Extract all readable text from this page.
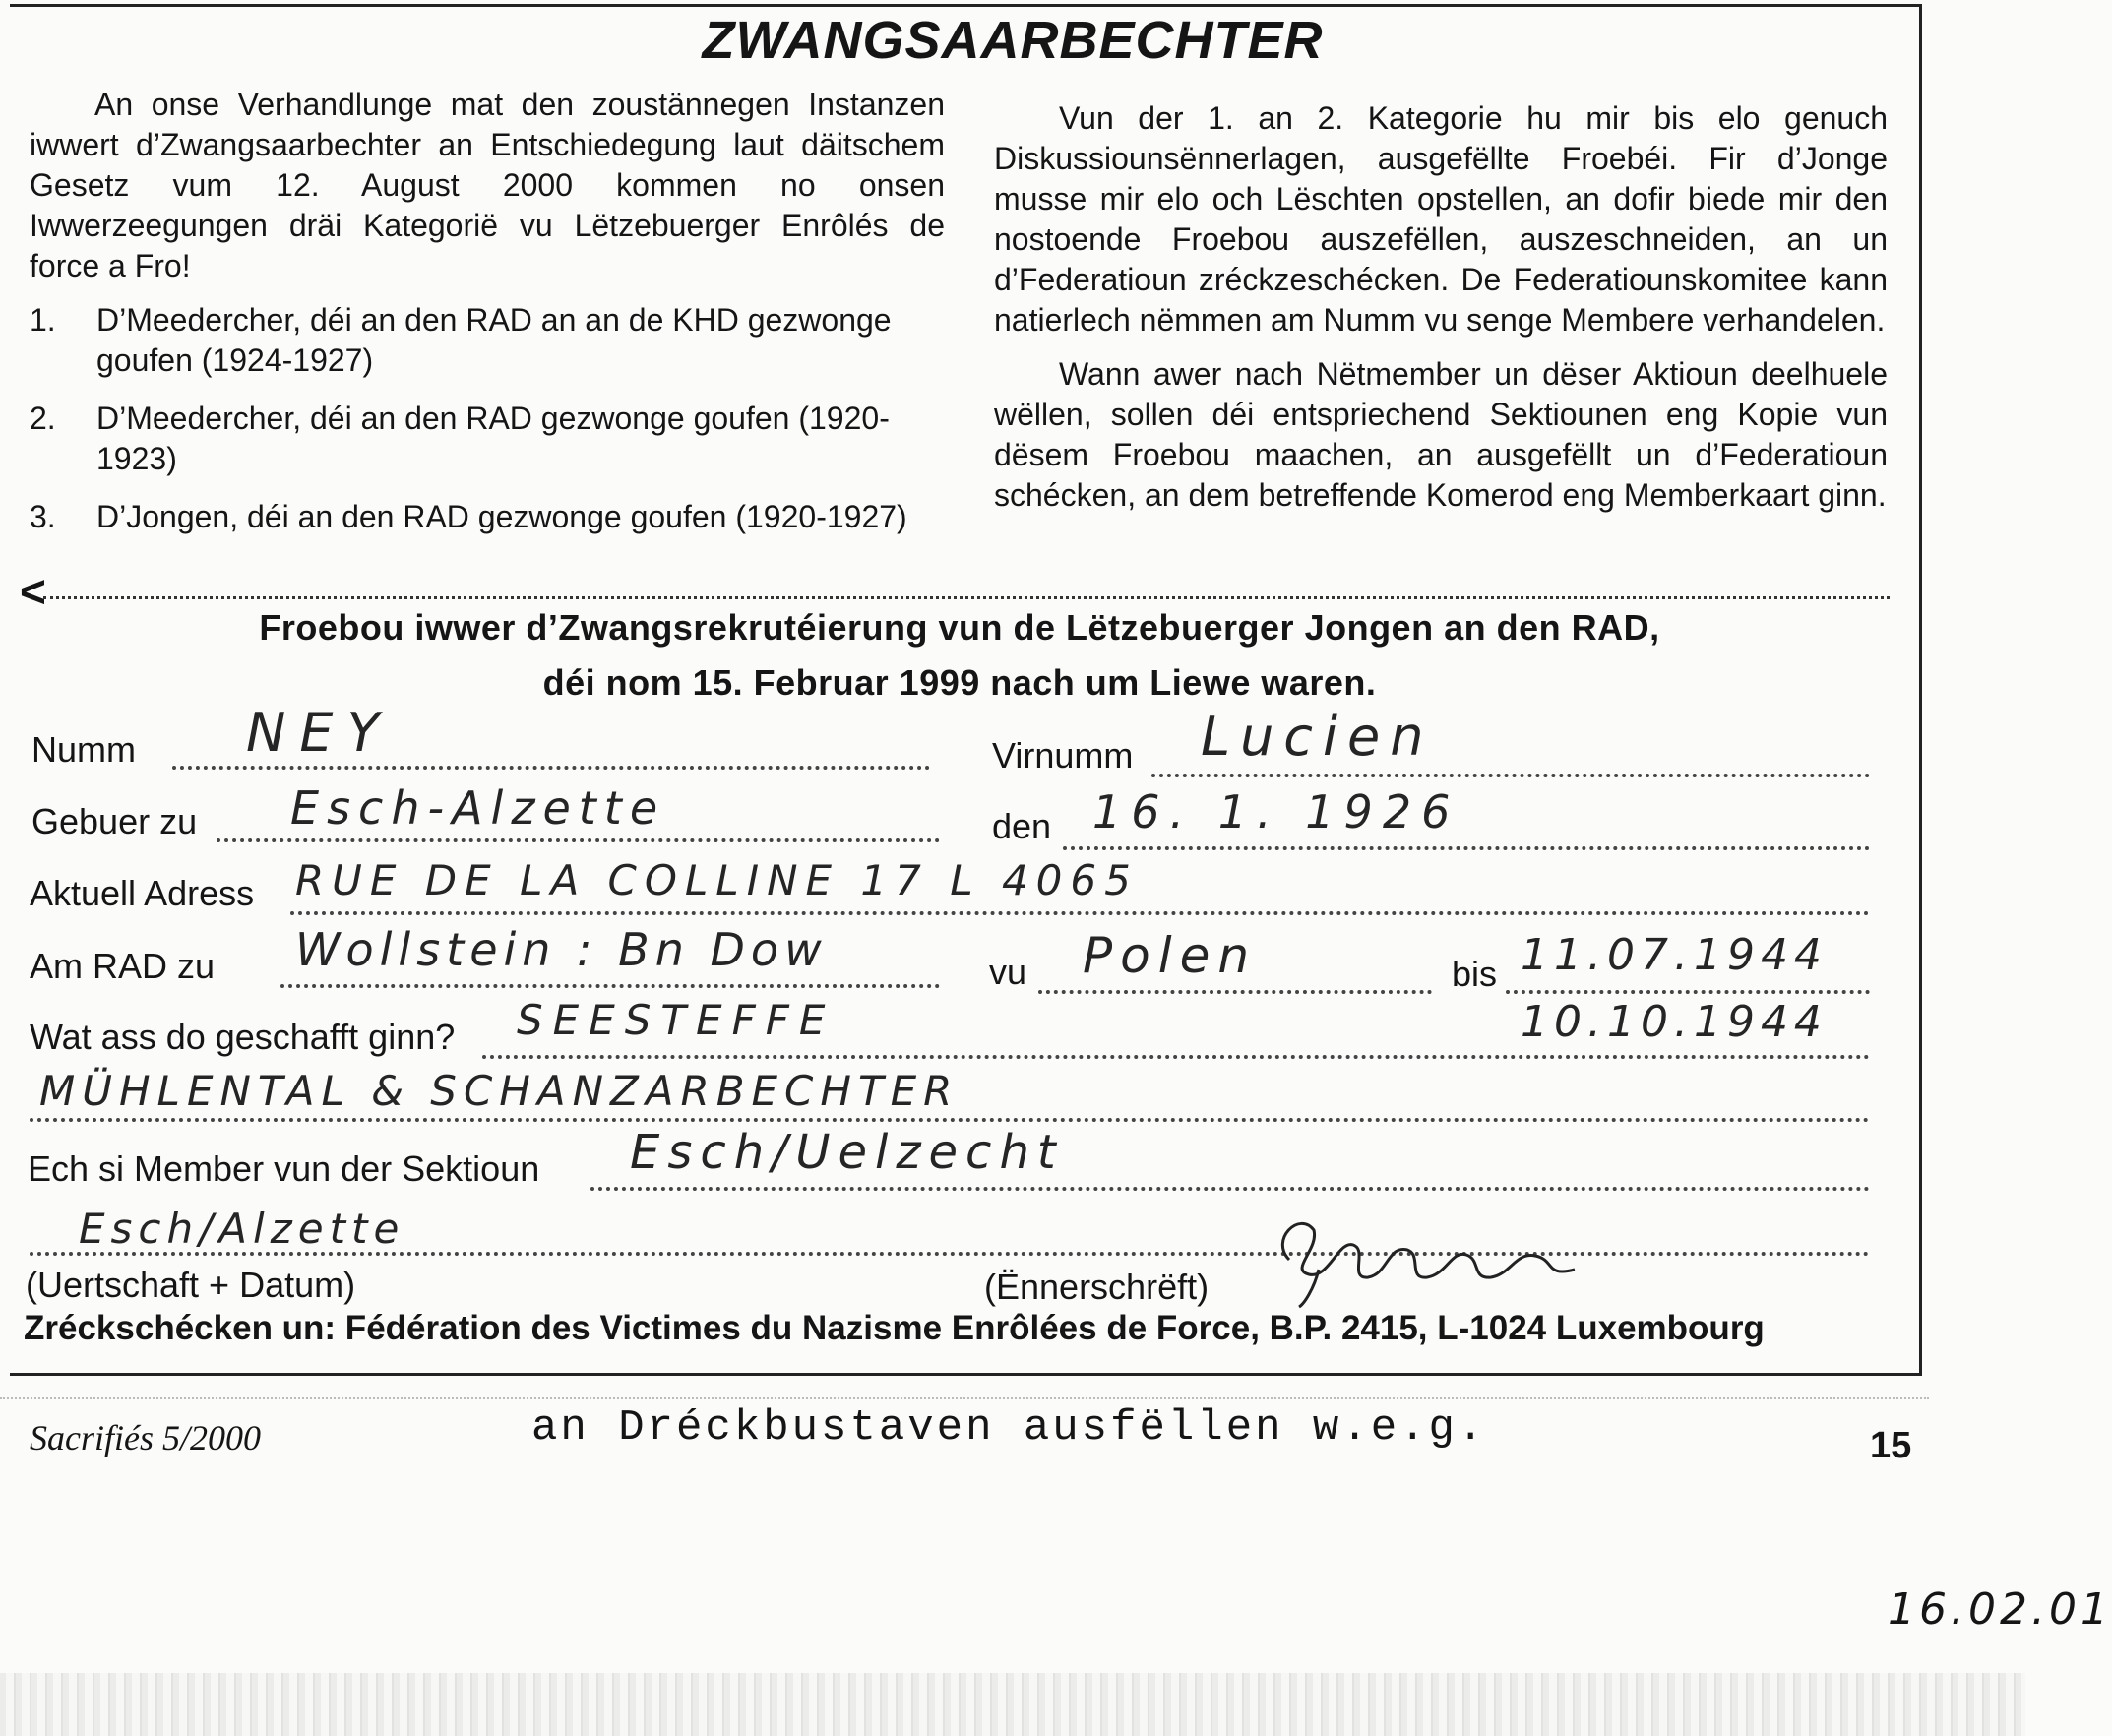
ZWANGSAARBECHTER

An onse Verhandlunge mat den zoustännegen Instanzen iwwert d’Zwangsaarbechter an Entschiedegung laut däitschem Gesetz vum 12. August 2000 kommen no onsen Iwwerzeegungen dräi Kategorië vu Lëtzebuerger Enrôlés de force a Fro!

1.	D’Meedercher, déi an den RAD an an de KHD gezwonge goufen (1924-1927)
2.	D’Meedercher, déi an den RAD gezwonge goufen (1920-1923)
3.	D’Jongen, déi an den RAD gezwonge goufen (1920-1927)

Vun der 1. an 2. Kategorie hu mir bis elo genuch Diskussiounsënnerlagen, ausgefëllte Froebéi. Fir d’Jonge musse mir elo och Lëschten opstellen, an dofir biede mir den nostoende Froebou auszefëllen, auszeschneiden, an un d’Federatioun zréckzeschécken. De Federatiounskomitee kann natierlech nëmmen am Numm vu senge Membere verhandelen.

Wann awer nach Nëtmember un dëser Aktioun deelhuele wëllen, sollen déi entspriechend Sektiounen eng Kopie vun dësem Froebou maachen, an ausgefëllt un d’Federatioun schécken, an dem betreffende Komerod eng Memberkaart ginn.

<
Froebou iwwer d’Zwangsrekrutéierung vun de Lëtzebuerger Jongen an den RAD,
déi nom 15. Februar 1999 nach um Liewe waren.
Numm NEY	Virnumm Lucien
Gebuer zu Esch-Alzette	den 16. 1. 1926
Aktuell Adress RUE DE LA COLLINE 17 L 4065
Am RAD zu Wollstein : Bn Dow	vu Polen	bis 11.07.1944
Wat ass do geschafft ginn? SEESTEFFE	10.10.1944
MÜHLENTAL & SCHANZARBECHTER
Ech si Member vun der Sektioun Esch/Uelzecht
Esch/Alzette
(Uertschaft + Datum)	(Ënnerschrëft)
Zréckschécken un: Fédération des Victimes du Nazisme Enrôlées de Force, B.P. 2415, L-1024 Luxembourg
Sacrifiés 5/2000	an Dréckbustaven ausfëllen w.e.g.	15
16.02.01
